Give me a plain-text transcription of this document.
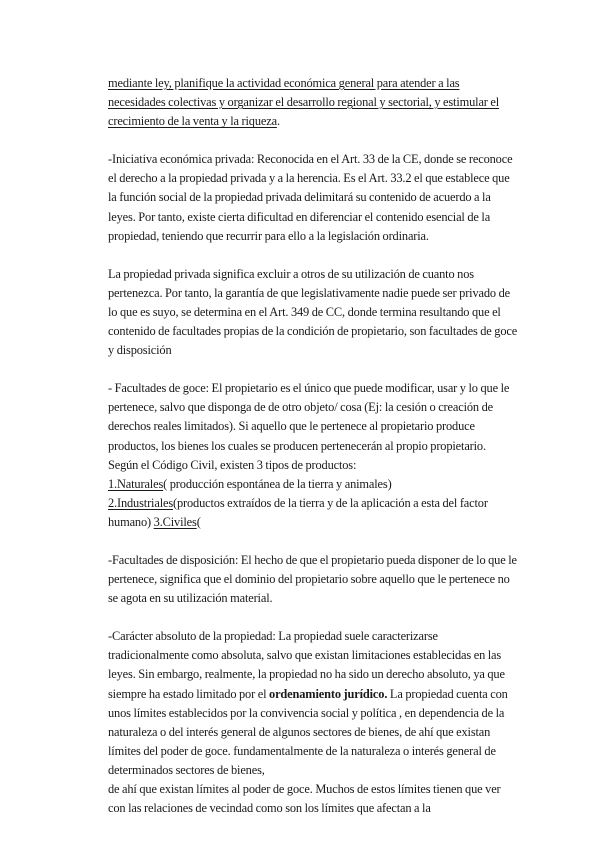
mediante ley, planifique la actividad económica general para atender a las necesidades colectivas y organizar el desarrollo regional y sectorial, y estimular el crecimiento de la venta y la riqueza.

-Iniciativa económica privada: Reconocida en el Art. 33 de la CE, donde se reconoce el derecho a la propiedad privada y a la herencia. Es el Art. 33.2 el que establece que la función social de la propiedad privada delimitará su contenido de acuerdo a la leyes. Por tanto, existe cierta dificultad en diferenciar el contenido esencial de la propiedad, teniendo que recurrir para ello a la legislación ordinaria.

La propiedad privada significa excluir a otros de su utilización de cuanto nos pertenezca. Por tanto, la garantía de que legislativamente nadie puede ser privado de lo que es suyo, se determina en el Art. 349 de CC, donde termina resultando que el contenido de facultades propias de la condición de propietario, son facultades de goce y disposición

- Facultades de goce: El propietario es el único que puede modificar, usar y lo que le pertenece, salvo que disponga de de otro objeto/ cosa (Ej: la cesión o creación de derechos reales limitados). Si aquello que le pertenece al propietario produce productos, los bienes los cuales se producen pertenecerán al propio propietario. Según el Código Civil, existen 3 tipos de productos:
1.Naturales( producción espontánea de la tierra y animales)
2.Industriales(productos extraídos de la tierra y de la aplicación a esta del factor humano) 3.Civiles(

-Facultades de disposición: El hecho de que el propietario pueda disponer de lo que le pertenece, significa que el dominio del propietario sobre aquello que le pertenece no se agota en su utilización material.

-Carácter absoluto de la propiedad: La propiedad suele caracterizarse tradicionalmente como absoluta, salvo que existan limitaciones establecidas en las leyes. Sin embargo, realmente, la propiedad no ha sido un derecho absoluto, ya que siempre ha estado limitado por el ordenamiento jurídico. La propiedad cuenta con unos límites establecidos por la convivencia social y política , en dependencia de la naturaleza o del interés general de algunos sectores de bienes, de ahí que existan límites del poder de goce. fundamentalmente de la naturaleza o interés general de determinados sectores de bienes,
de ahí que existan límites al poder de goce. Muchos de estos límites tienen que ver con las relaciones de vecindad como son los límites que afectan a la
